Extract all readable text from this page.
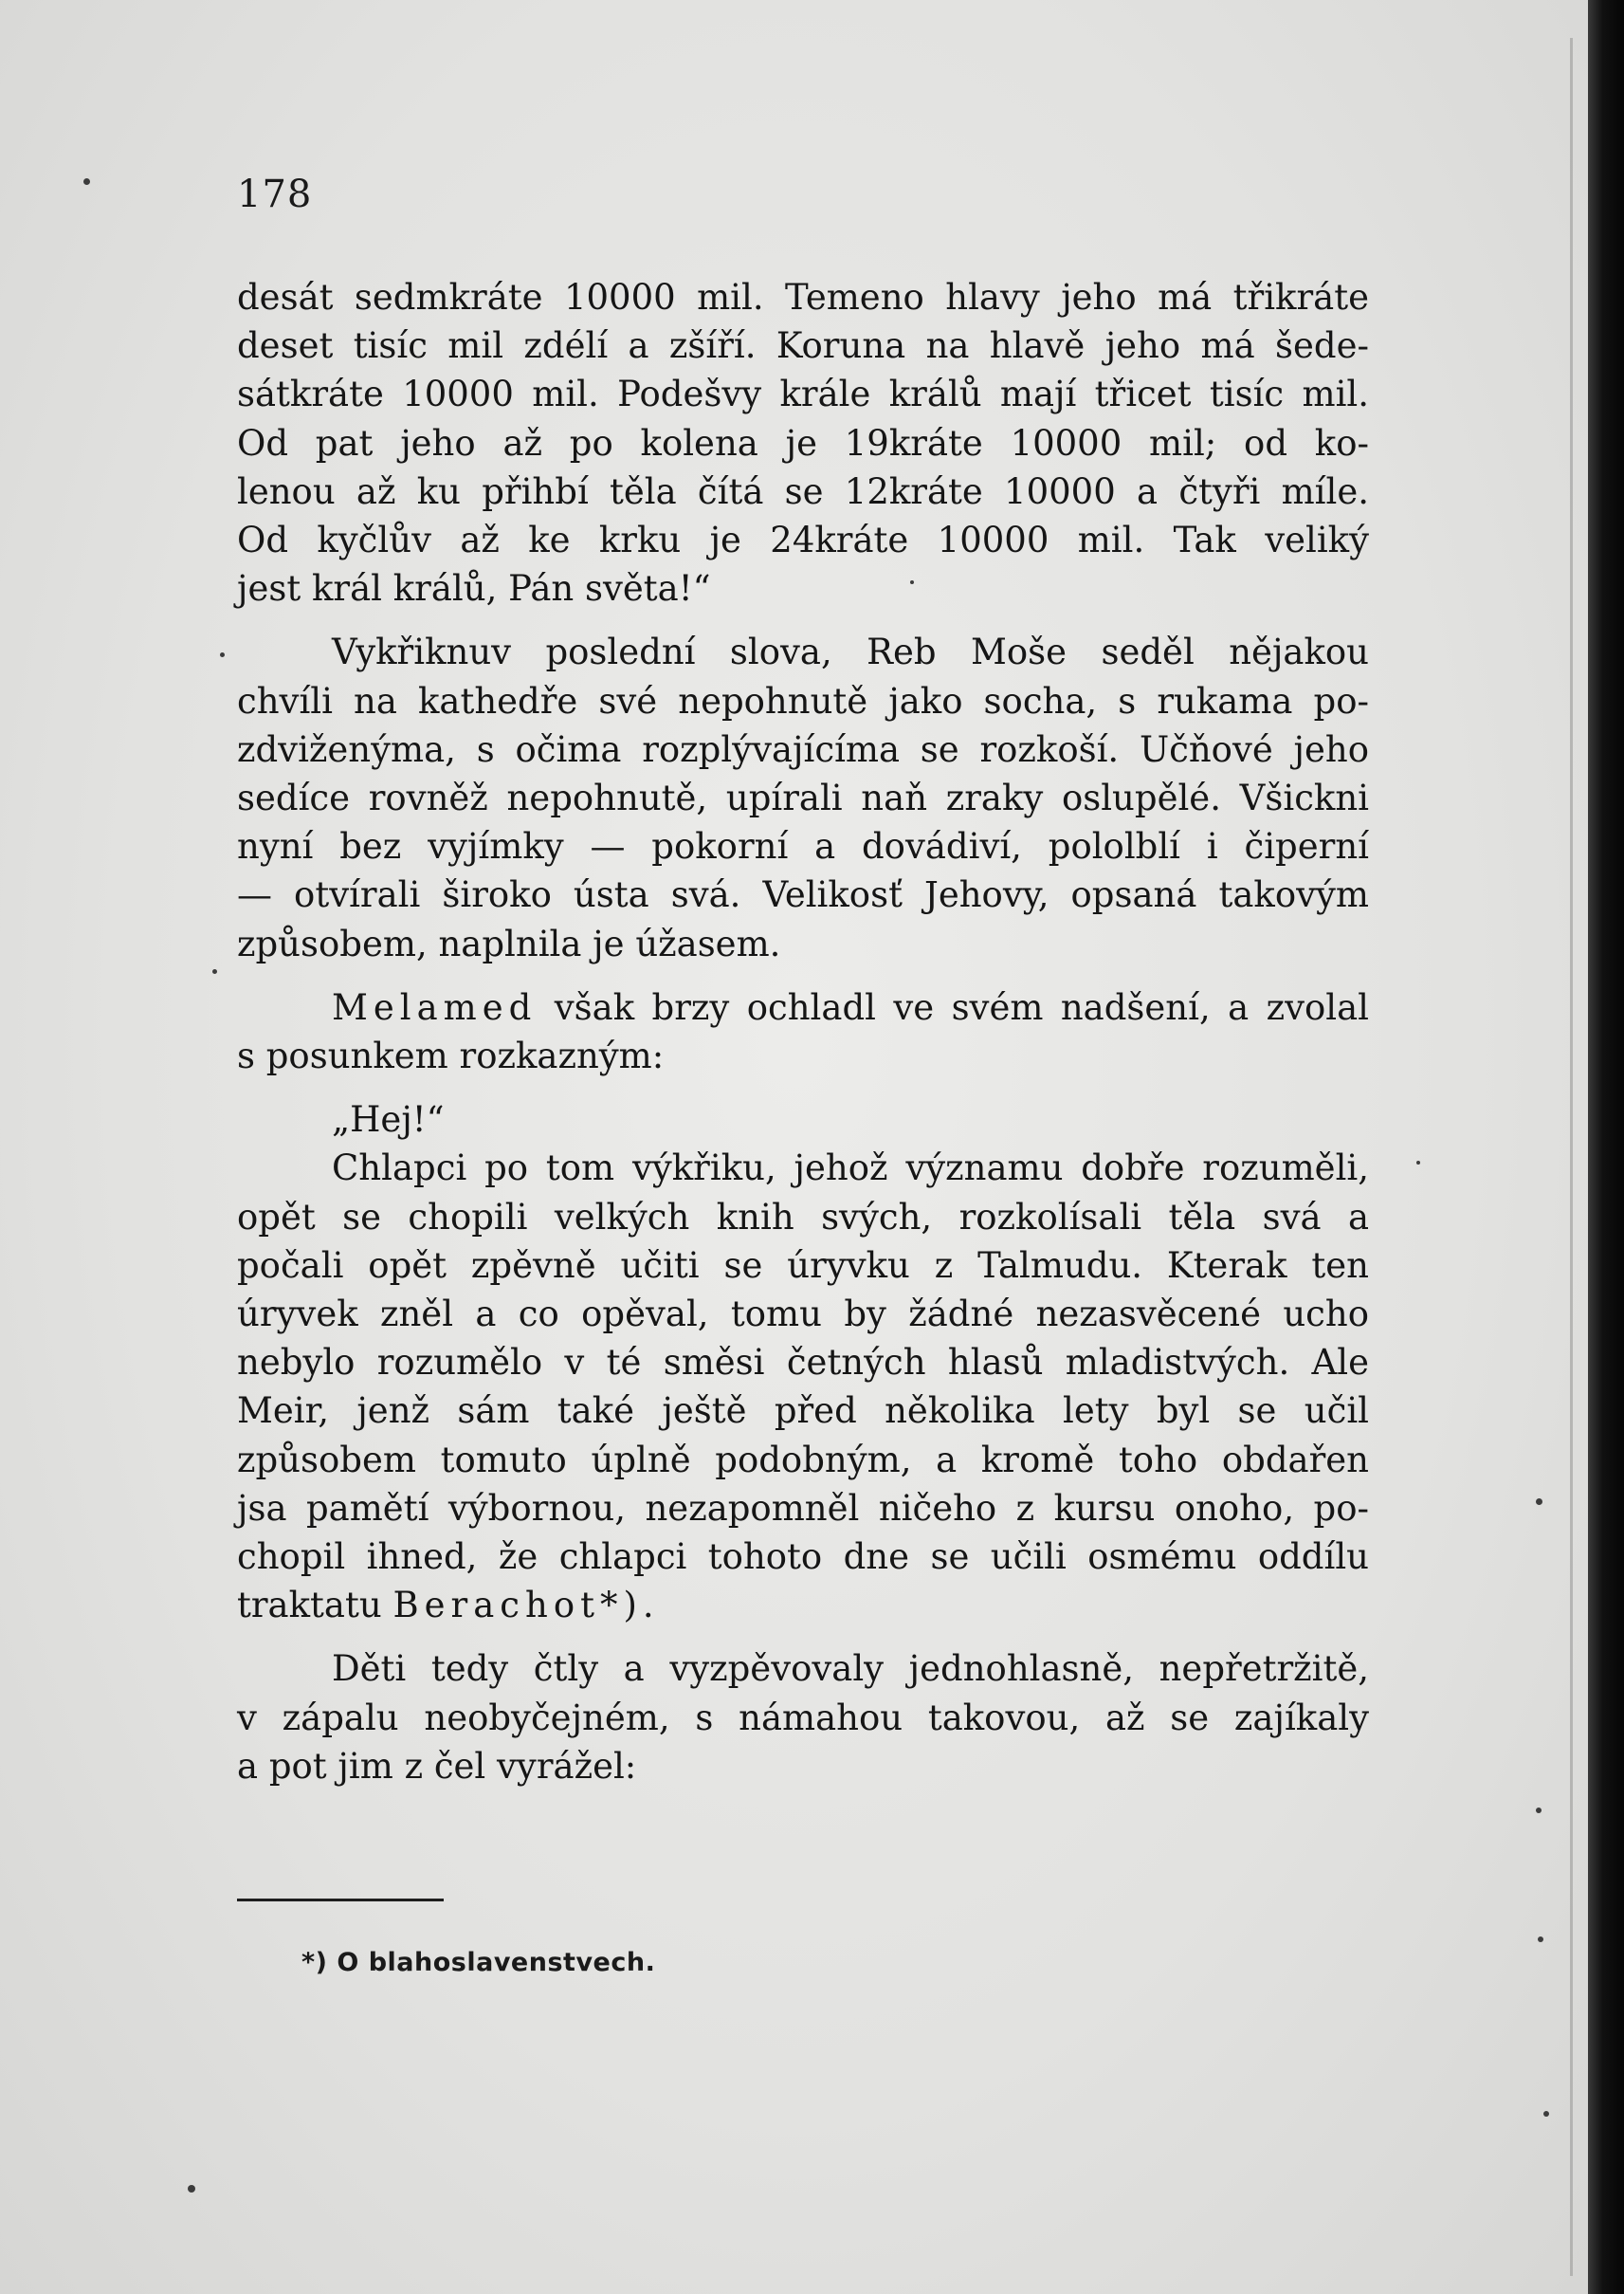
178
desát sedmkráte 10000 mil. Temeno hlavy jeho má třikráte
deset tisíc mil zdélí a zšíří. Koruna na hlavě jeho má šede-
sátkráte 10000 mil. Podešvy krále králů mají třicet tisíc mil.
Od pat jeho až po kolena je 19kráte 10000 mil; od ko-
lenou až ku přihbí těla čítá se 12kráte 10000 a čtyři míle.
Od kyčlův až ke krku je 24kráte 10000 mil. Tak veliký
jest král králů, Pán světa!“
Vykřiknuv poslední slova, Reb Moše seděl nějakou
chvíli na kathedře své nepohnutě jako socha, s rukama po-
zdviženýma, s očima rozplývajícíma se rozkoší. Učňové jeho
sedíce rovněž nepohnutě, upírali naň zraky oslupělé. Všickni
nyní bez vyjímky — pokorní a dovádiví, pololblí i čiperní
— otvírali široko ústa svá. Velikosť Jehovy, opsaná takovým
způsobem, naplnila je úžasem.
Melamed však brzy ochladl ve svém nadšení, a zvolal
s posunkem rozkazným:
„Hej!“
Chlapci po tom výkřiku, jehož významu dobře rozuměli,
opět se chopili velkých knih svých, rozkolísali těla svá a
počali opět zpěvně učiti se úryvku z Talmudu. Kterak ten
úryvek zněl a co opěval, tomu by žádné nezasvěcené ucho
nebylo rozumělo v té směsi četných hlasů mladistvých. Ale
Meir, jenž sám také ještě před několika lety byl se učil
způsobem tomuto úplně podobným, a kromě toho obdařen
jsa pamětí výbornou, nezapomněl ničeho z kursu onoho, po-
chopil ihned, že chlapci tohoto dne se učili osmému oddílu
traktatu Berachot*).
Děti tedy čtly a vyzpěvovaly jednohlasně, nepřetržitě,
v zápalu neobyčejném, s námahou takovou, až se zajíkaly
a pot jim z čel vyrážel:
*) O blahoslavenstvech.
